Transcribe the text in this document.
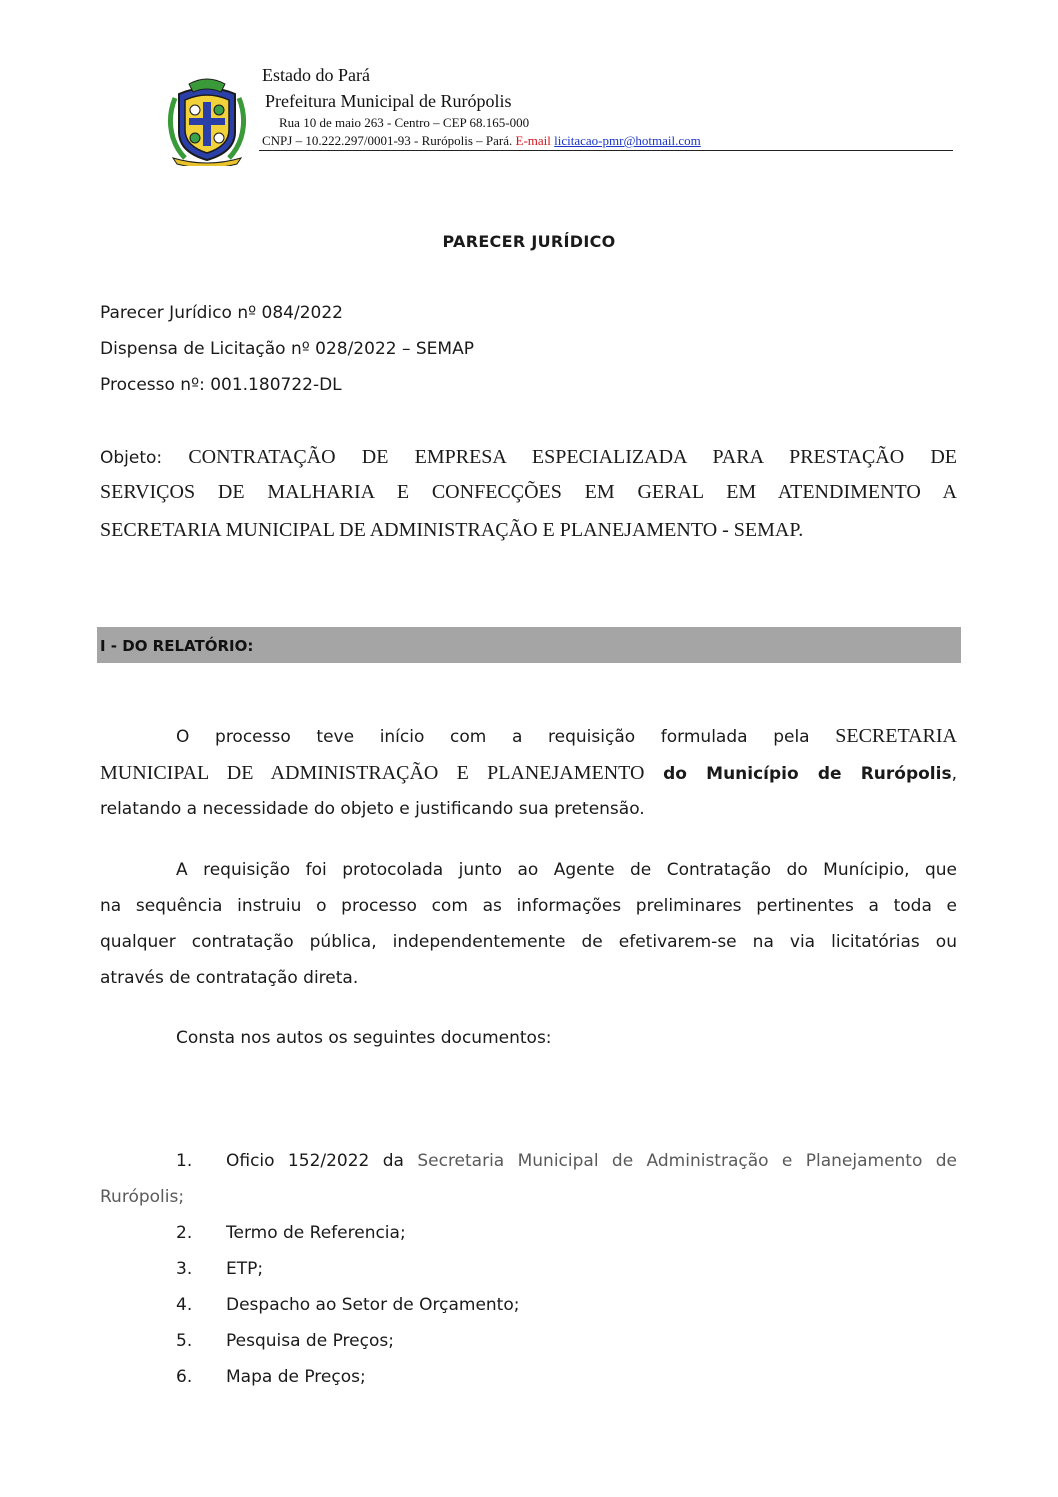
Estado do Pará
Prefeitura Municipal de Rurópolis
Rua 10 de maio 263 - Centro – CEP 68.165-000
CNPJ – 10.222.297/0001-93 - Rurópolis – Pará. E-mail licitacao-pmr@hotmail.com
PARECER JURÍDICO
Parecer Jurídico nº 084/2022
Dispensa de Licitação nº 028/2022 – SEMAP
Processo nº: 001.180722-DL
Objeto: CONTRATAÇÃO DE EMPRESA ESPECIALIZADA PARA PRESTAÇÃO DE
SERVIÇOS DE MALHARIA E CONFECÇÕES EM GERAL EM ATENDIMENTO A
SECRETARIA MUNICIPAL DE ADMINISTRAÇÃO E PLANEJAMENTO - SEMAP.
I - DO RELATÓRIO:
O processo teve início com a requisição formulada pela SECRETARIA
MUNICIPAL DE ADMINISTRAÇÃO E PLANEJAMENTO do Município de Rurópolis,
relatando a necessidade do objeto e justificando sua pretensão.
A requisição foi protocolada junto ao Agente de Contratação do Munícipio, que
na sequência instruiu o processo com as informações preliminares pertinentes a toda e
qualquer contratação pública, independentemente de efetivarem-se na via licitatórias ou
através de contratação direta.
Consta nos autos os seguintes documentos:
1. Oficio 152/2022 da Secretaria Municipal de Administração e Planejamento de
Rurópolis;
2. Termo de Referencia;
3. ETP;
4. Despacho ao Setor de Orçamento;
5. Pesquisa de Preços;
6. Mapa de Preços;
